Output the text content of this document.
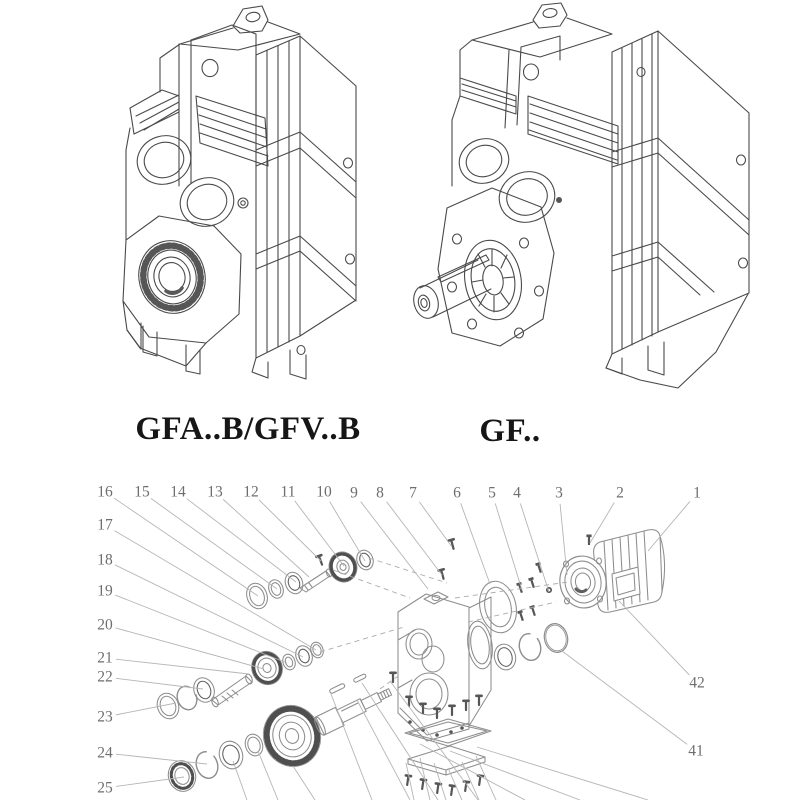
1
2
3
4
5
6
7
8
9
10
11
12
13
14
15
16
17
18
19
20
21
22
23
24
25
41
42
GFA..B/GFV..B	GF..
